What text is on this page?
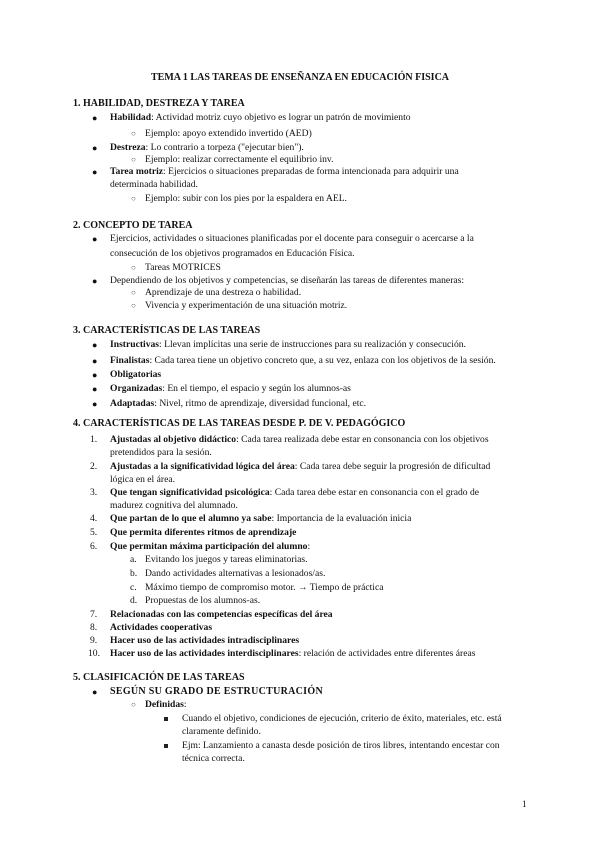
TEMA 1 LAS TAREAS DE ENSEÑANZA EN EDUCACIÓN FISICA
1. HABILIDAD, DESTREZA Y TAREA
● Habilidad: Actividad motriz cuyo objetivo es lograr un patrón de movimiento
○ Ejemplo: apoyo extendido invertido (AED)
● Destreza: Lo contrario a torpeza ("ejecutar bien").
○ Ejemplo: realizar correctamente el equilibrio inv.
● Tarea motriz: Ejercicios o situaciones preparadas de forma intencionada para adquirir una
determinada habilidad.
○ Ejemplo: subir con los pies por la espaldera en AEL.
2. CONCEPTO DE TAREA
● Ejercicios, actividades o situaciones planificadas por el docente para conseguir o acercarse a la
consecución de los objetivos programados en Educación Física.
○ Tareas MOTRICES
● Dependiendo de los objetivos y competencias, se diseñarán las tareas de diferentes maneras:
○ Aprendizaje de una destreza o habilidad.
○ Vivencia y experimentación de una situación motriz.
3. CARACTERÍSTICAS DE LAS TAREAS
● Instructivas: Llevan implícitas una serie de instrucciones para su realización y consecución.
● Finalistas: Cada tarea tiene un objetivo concreto que, a su vez, enlaza con los objetivos de la sesión.
● Obligatorias
● Organizadas: En el tiempo, el espacio y según los alumnos-as
● Adaptadas: Nivel, ritmo de aprendizaje, diversidad funcional, etc.
4. CARACTERÍSTICAS DE LAS TAREAS DESDE P. DE V. PEDAGÓGICO
1. Ajustadas al objetivo didáctico: Cada tarea realizada debe estar en consonancia con los objetivos
pretendidos para la sesión.
2. Ajustadas a la significatividad lógica del área: Cada tarea debe seguir la progresión de dificultad
lógica en el área.
3. Que tengan significatividad psicológica: Cada tarea debe estar en consonancia con el grado de
madurez cognitiva del alumnado.
4. Que partan de lo que el alumno ya sabe: Importancia de la evaluación inicia
5. Que permita diferentes ritmos de aprendizaje
6. Que permitan máxima participación del alumno:
a. Evitando los juegos y tareas eliminatorias.
b. Dando actividades alternativas a lesionados/as.
c. Máximo tiempo de compromiso motor. → Tiempo de práctica
d. Propuestas de los alumnos-as.
7. Relacionadas con las competencias específicas del área
8. Actividades cooperativas
9. Hacer uso de las actividades intradisciplinares
10. Hacer uso de las actividades interdisciplinares: relación de actividades entre diferentes áreas
5. CLASIFICACIÓN DE LAS TAREAS
● SEGÚN SU GRADO DE ESTRUCTURACIÓN
○ Definidas:
Cuando el objetivo, condiciones de ejecución, criterio de éxito, materiales, etc. está
claramente definido.
Ejm: Lanzamiento a canasta desde posición de tiros libres, intentando encestar con
técnica correcta.
1
